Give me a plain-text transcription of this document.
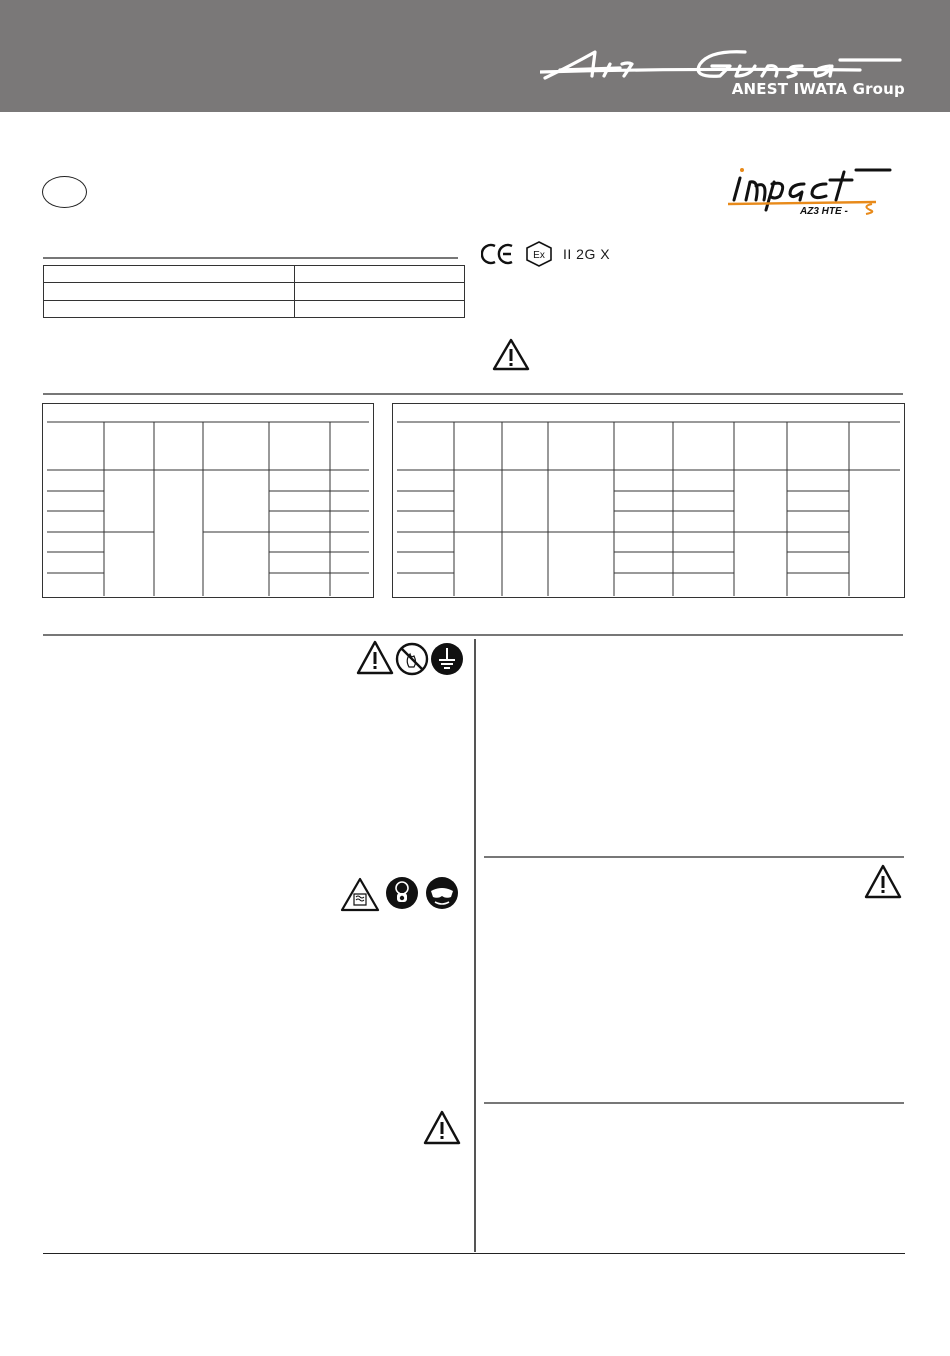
ANEST IWATA Group
AZ3 HTE -

Ex II 2G X
